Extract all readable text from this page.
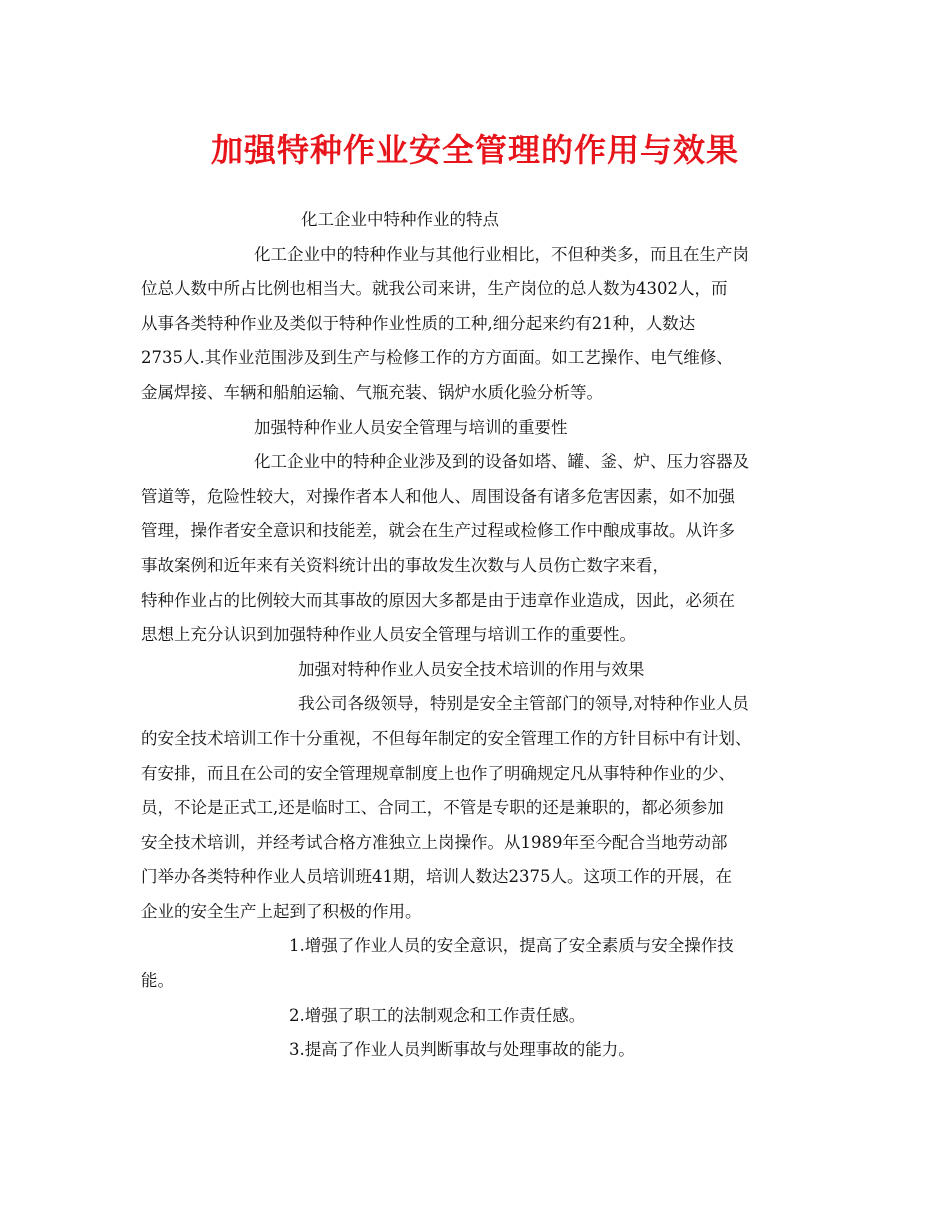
加强特种作业安全管理的作用与效果
化工企业中特种作业的特点
化工企业中的特种作业与其他行业相比，不但种类多，而且在生产岗
位总人数中所占比例也相当大。就我公司来讲，生产岗位的总人数为4302人，而
从事各类特种作业及类似于特种作业性质的工种,细分起来约有21种，人数达
2735人.其作业范围涉及到生产与检修工作的方方面面。如工艺操作、电气维修、
金属焊接、车辆和船舶运输、气瓶充装、锅炉水质化验分析等。
加强特种作业人员安全管理与培训的重要性
化工企业中的特种企业涉及到的设备如塔、罐、釜、炉、压力容器及
管道等，危险性较大，对操作者本人和他人、周围设备有诸多危害因素，如不加强
管理，操作者安全意识和技能差，就会在生产过程或检修工作中酿成事故。从许多
事故案例和近年来有关资料统计出的事故发生次数与人员伤亡数字来看，
特种作业占的比例较大而其事故的原因大多都是由于违章作业造成，因此，必须在
思想上充分认识到加强特种作业人员安全管理与培训工作的重要性。
加强对特种作业人员安全技术培训的作用与效果
我公司各级领导，特别是安全主管部门的领导,对特种作业人员
的安全技术培训工作十分重视，不但每年制定的安全管理工作的方针目标中有计划、
有安排，而且在公司的安全管理规章制度上也作了明确规定凡从事特种作业的少、
员，不论是正式工,还是临时工、合同工，不管是专职的还是兼职的，都必须参加
安全技术培训，并经考试合格方准独立上岗操作。从1989年至今配合当地劳动部
门举办各类特种作业人员培训班41期，培训人数达2375人。这项工作的开展，在
企业的安全生产上起到了积极的作用。
1.增强了作业人员的安全意识，提高了安全素质与安全操作技
能。
2.增强了职工的法制观念和工作责任感。
3.提高了作业人员判断事故与处理事故的能力。
